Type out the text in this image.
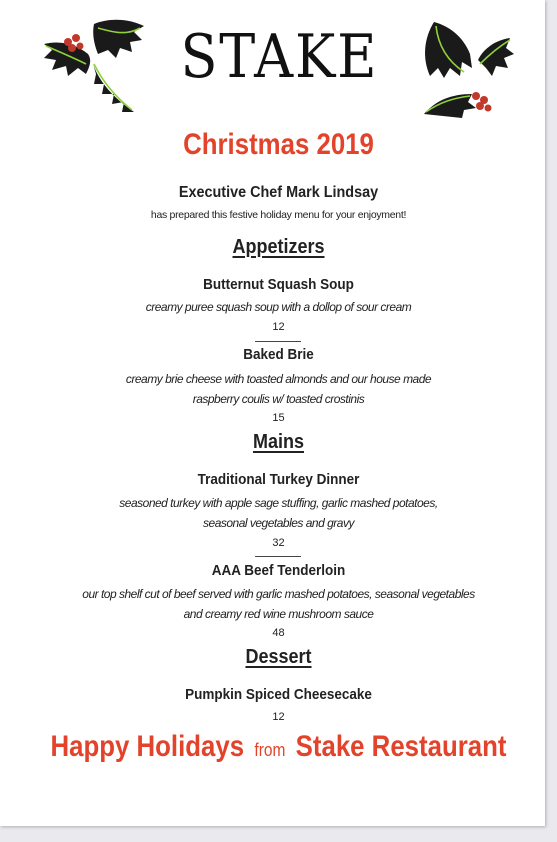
STAKE
Christmas 2019
Executive Chef Mark Lindsay
has prepared this festive holiday menu for your enjoyment!
Appetizers
Butternut Squash Soup
creamy puree squash soup with a dollop of sour cream
12
Baked Brie
creamy brie cheese with toasted almonds and our house made
raspberry coulis w/ toasted crostinis
15
Mains
Traditional Turkey Dinner
seasoned turkey with apple sage stuffing, garlic mashed potatoes,
seasonal vegetables and gravy
32
AAA Beef Tenderloin
our top shelf cut of beef served with garlic mashed potatoes, seasonal vegetables
and creamy red wine mushroom sauce
48
Dessert
Pumpkin Spiced Cheesecake
12
Happy Holidays from Stake Restaurant
